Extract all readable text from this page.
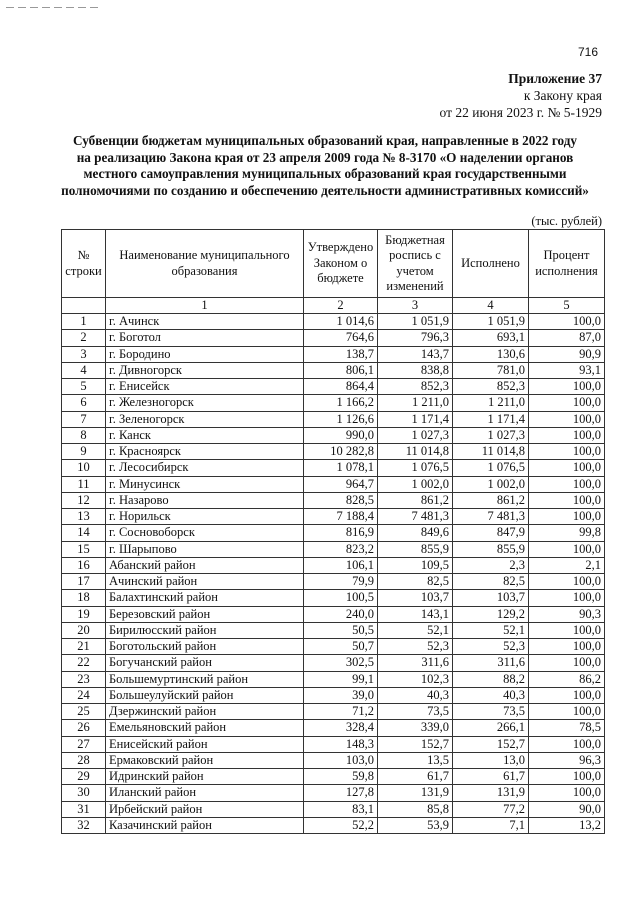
716
Приложение 37
к Закону края
от 22 июня 2023 г. № 5-1929
Субвенции бюджетам муниципальных образований края, направленные в 2022 году
на реализацию Закона края от 23 апреля 2009 года № 8-3170 «О наделении органов
местного самоуправления муниципальных образований края государственными
полномочиями по созданию и обеспечению деятельности административных комиссий»
(тыс. рублей)
№ строки	Наименование муниципального образования	Утверждено Законом о бюджете	Бюджетная роспись с учетом изменений	Исполнено	Процент исполнения
	1	2	3	4	5
1	г. Ачинск	1 014,6	1 051,9	1 051,9	100,0
2	г. Боготол	764,6	796,3	693,1	87,0
3	г. Бородино	138,7	143,7	130,6	90,9
4	г. Дивногорск	806,1	838,8	781,0	93,1
5	г. Енисейск	864,4	852,3	852,3	100,0
6	г. Железногорск	1 166,2	1 211,0	1 211,0	100,0
7	г. Зеленогорск	1 126,6	1 171,4	1 171,4	100,0
8	г. Канск	990,0	1 027,3	1 027,3	100,0
9	г. Красноярск	10 282,8	11 014,8	11 014,8	100,0
10	г. Лесосибирск	1 078,1	1 076,5	1 076,5	100,0
11	г. Минусинск	964,7	1 002,0	1 002,0	100,0
12	г. Назарово	828,5	861,2	861,2	100,0
13	г. Норильск	7 188,4	7 481,3	7 481,3	100,0
14	г. Сосновоборск	816,9	849,6	847,9	99,8
15	г. Шарыпово	823,2	855,9	855,9	100,0
16	Абанский район	106,1	109,5	2,3	2,1
17	Ачинский район	79,9	82,5	82,5	100,0
18	Балахтинский район	100,5	103,7	103,7	100,0
19	Березовский район	240,0	143,1	129,2	90,3
20	Бирилюсский район	50,5	52,1	52,1	100,0
21	Боготольский район	50,7	52,3	52,3	100,0
22	Богучанский район	302,5	311,6	311,6	100,0
23	Большемуртинский район	99,1	102,3	88,2	86,2
24	Большеулуйский район	39,0	40,3	40,3	100,0
25	Дзержинский район	71,2	73,5	73,5	100,0
26	Емельяновский район	328,4	339,0	266,1	78,5
27	Енисейский район	148,3	152,7	152,7	100,0
28	Ермаковский район	103,0	13,5	13,0	96,3
29	Идринский район	59,8	61,7	61,7	100,0
30	Иланский район	127,8	131,9	131,9	100,0
31	Ирбейский район	83,1	85,8	77,2	90,0
32	Казачинский район	52,2	53,9	7,1	13,2
